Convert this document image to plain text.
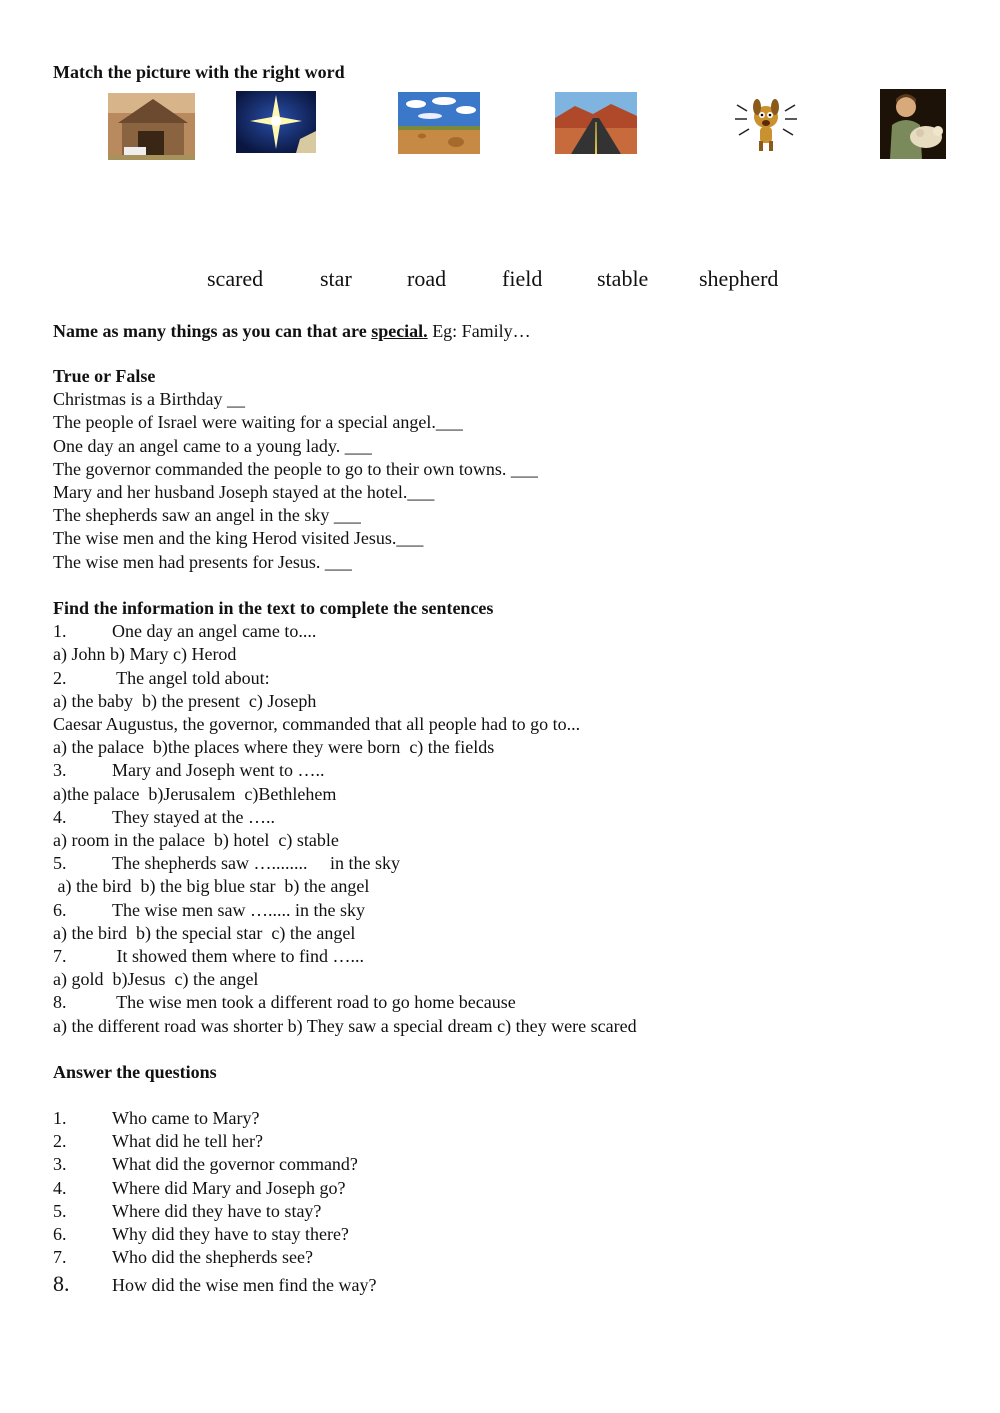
Match the picture with the right word
scared	star	road	field stable shepherd
Name as many things as you can that are special. Eg: Family…
True or False
Christmas is a Birthday __
The people of Israel were waiting for a special angel.___
One day an angel came to a young lady. ___
The governor commanded the people to go to their own towns. ___
Mary and her husband Joseph stayed at the hotel.___
The shepherds saw an angel in the sky ___
The wise men and the king Herod visited Jesus.___
The wise men had presents for Jesus. ___
Find the information in the text to complete the sentences
1.	One day an angel came to....
a) John b) Mary c) Herod
2.	The angel told about:
a) the baby  b) the present  c) Joseph
Caesar Augustus, the governor, commanded that all people had to go to...
a) the palace  b)the places where they were born  c) the fields
3.	Mary and Joseph went to …..
a)the palace  b)Jerusalem  c)Bethlehem
4.	They stayed at the …..
a) room in the palace  b) hotel  c) stable
5.	The shepherds saw …........     in the sky
a) the bird  b) the big blue star  b) the angel
6.	The wise men saw …..... in the sky
a) the bird  b) the special star  c) the angel
7.	It showed them where to find …...
a) gold  b)Jesus  c) the angel
8.	The wise men took a different road to go home because
a) the different road was shorter b) They saw a special dream c) they were scared
Answer the questions
1.	Who came to Mary?
2.	What did he tell her?
3.	What did the governor command?
4.	Where did Mary and Joseph go?
5.	Where did they have to stay?
6.	Why did they have to stay there?
7.	Who did the shepherds see?
8. How did the wise men find the way?
